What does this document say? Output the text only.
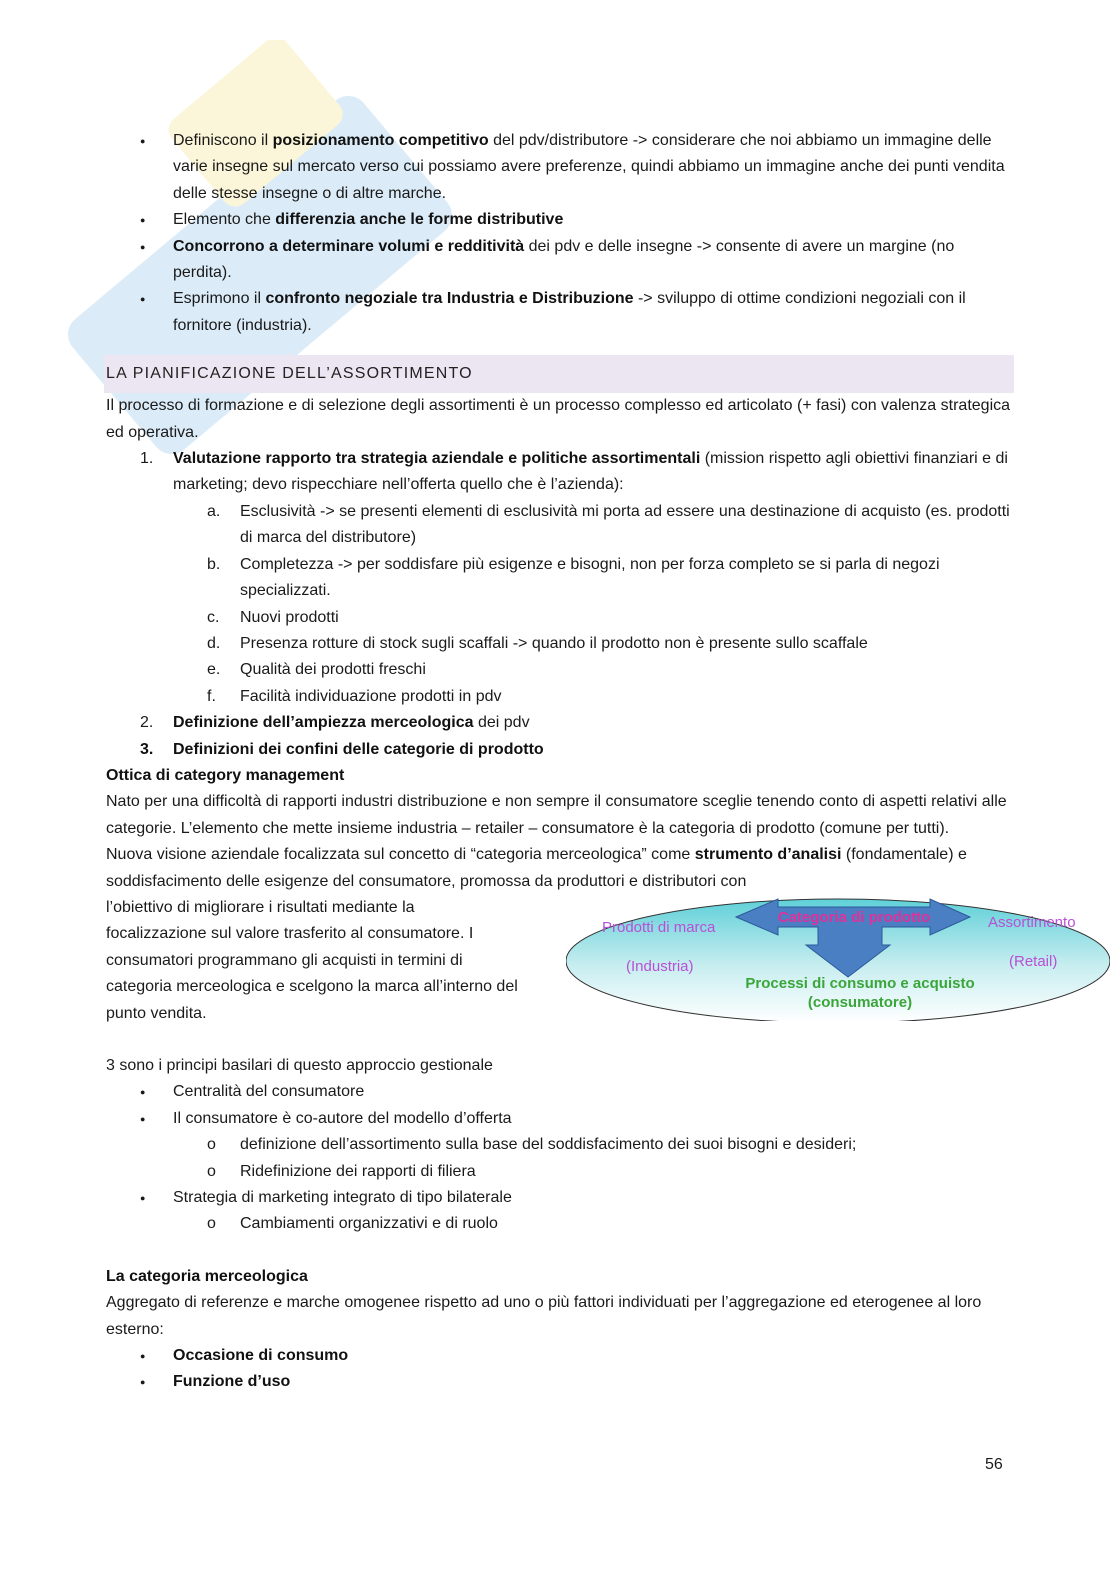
● Definiscono il posizionamento competitivo del pdv/distributore -> considerare che noi abbiamo un immagine delle varie insegne sul mercato verso cui possiamo avere preferenze, quindi abbiamo un immagine anche dei punti vendita delle stesse insegne o di altre marche.
● Elemento che differenzia anche le forme distributive
● Concorrono a determinare volumi e redditività dei pdv e delle insegne -> consente di avere un margine (no perdita).
● Esprimono il confronto negoziale tra Industria e Distribuzione -> sviluppo di ottime condizioni negoziali con il fornitore (industria).
LA PIANIFICAZIONE DELL’ASSORTIMENTO

Il processo di formazione e di selezione degli assortimenti è un processo complesso ed articolato (+ fasi) con valenza strategica ed operativa.

1. Valutazione rapporto tra strategia aziendale e politiche assortimentali (mission rispetto agli obiettivi finanziari e di marketing; devo rispecchiare nell’offerta quello che è l’azienda):
a. Esclusività -> se presenti elementi di esclusività mi porta ad essere una destinazione di acquisto (es. prodotti di marca del distributore)
b. Completezza -> per soddisfare più esigenze e bisogni, non per forza completo se si parla di negozi specializzati.
c. Nuovi prodotti
d. Presenza rotture di stock sugli scaffali -> quando il prodotto non è presente sullo scaffale
e. Qualità dei prodotti freschi
f. Facilità individuazione prodotti in pdv
2. Definizione dell’ampiezza merceologica dei pdv
3. Definizioni dei confini delle categorie di prodotto

Ottica di category management

Nato per una difficoltà di rapporti industri distribuzione e non sempre il consumatore sceglie tenendo conto di aspetti relativi alle categorie. L’elemento che mette insieme industria – retailer – consumatore è la categoria di prodotto (comune per tutti).

Nuova visione aziendale focalizzata sul concetto di “categoria merceologica” come strumento d’analisi (fondamentale) e soddisfacimento delle esigenze del consumatore, promossa da produttori e distributori con

l’obiettivo di migliorare i risultati mediante la

focalizzazione sul valore trasferito al consumatore. I

consumatori programmano gli acquisti in termini di

categoria merceologica e scelgono la marca all’interno del

punto vendita.

Categoria di prodotto
Prodotti di marca
(Industria)
Assortimento
(Retail)
Processi di consumo e acquisto
(consumatore)

3 sono i principi basilari di questo approccio gestionale

● Centralità del consumatore
● Il consumatore è co-autore del modello d’offerta
o definizione dell’assortimento sulla base del soddisfacimento dei suoi bisogni e desideri;
o Ridefinizione dei rapporti di filiera
● Strategia di marketing integrato di tipo bilaterale
o Cambiamenti organizzativi e di ruolo

La categoria merceologica

Aggregato di referenze e marche omogenee rispetto ad uno o più fattori individuati per l’aggregazione ed eterogenee al loro esterno:

● Occasione di consumo
● Funzione d’uso
56
